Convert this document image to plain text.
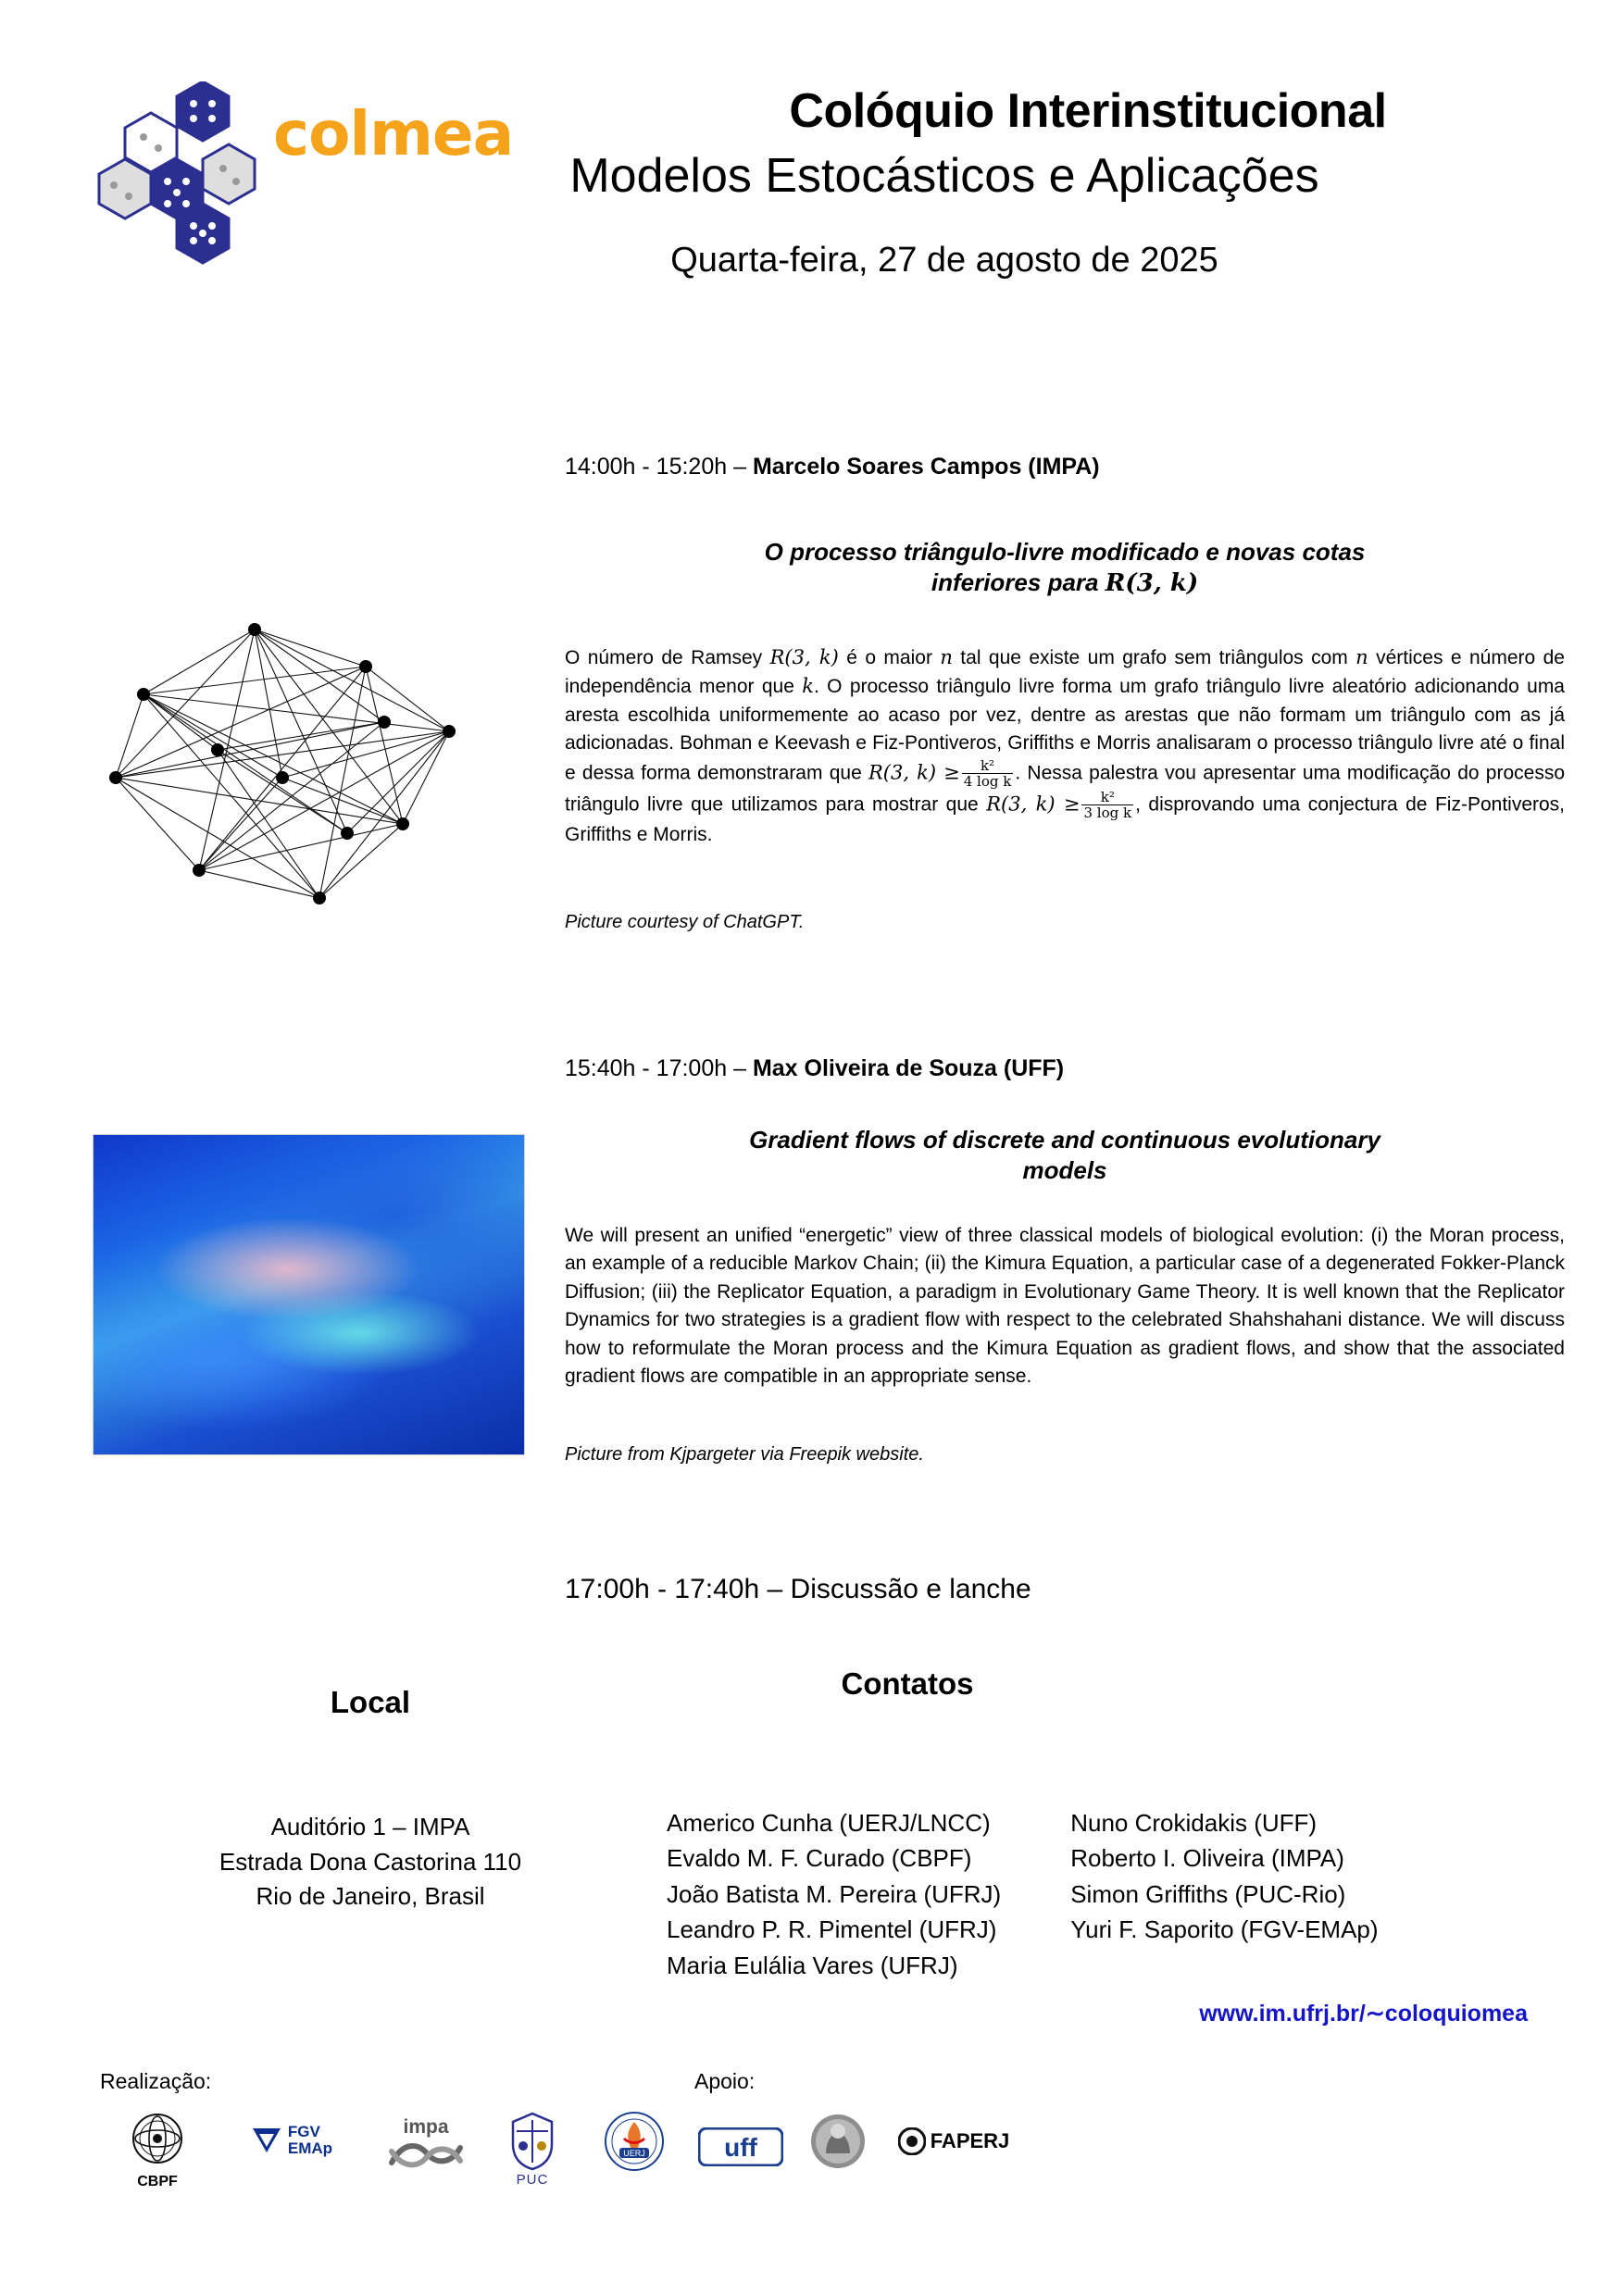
colmea	Colóquio Interinstitucional
Modelos Estocásticos e Aplicações
Quarta-feira, 27 de agosto de 2025
14:00h - 15:20h – Marcelo Soares Campos (IMPA)
O processo triângulo-livre modificado e novas cotas
inferiores para R(3, k)
O número de Ramsey R(3, k) é o maior n tal que existe um grafo sem triângulos com n vértices e número de independência menor que k. O processo triângulo livre forma um grafo triângulo livre aleatório adicionando uma aresta escolhida uniformemente ao acaso por vez, dentre as arestas que não formam um triângulo com as já adicionadas. Bohman e Keevash e Fiz-Pontiveros, Griffiths e Morris analisaram o processo triângulo livre até o final e dessa forma demonstraram que R(3, $k) \ge \frac{\text{k²}}{\text{4 log k}}$ . Nessa palestra vou apresentar uma modificação do processo triângulo livre que utilizamos para mostrar que R(3, $k) \ge \frac{\text{k²}}{\text{3 log k}}$ , disprovando uma conjectura de Fiz-Pontiveros, Griffiths e Morris.
Picture courtesy of ChatGPT.
15:40h - 17:00h – Max Oliveira de Souza (UFF)
Gradient flows of discrete and continuous evolutionary
models
We will present an unified “energetic” view of three classical models of biological evolution: (i) the Moran process, an example of a reducible Markov Chain; (ii) the Kimura Equation, a particular case of a degenerated Fokker-Planck Diffusion; (iii) the Replicator Equation, a paradigm in Evolutionary Game Theory. It is well known that the Replicator Dynamics for two strategies is a gradient flow with respect to the celebrated Shahshahani distance. We will discuss how to reformulate the Moran process and the Kimura Equation as gradient flows, and show that the associated gradient flows are compatible in an appropriate sense.
Picture from Kjpargeter via Freepik website.
17:00h - 17:40h – Discussão e lanche
Local
Auditório 1 – IMPA
Estrada Dona Castorina 110
Rio de Janeiro, Brasil
Contatos
Americo Cunha (UERJ/LNCC)
Evaldo M. F. Curado (CBPF)
João Batista M. Pereira (UFRJ)
Leandro P. R. Pimentel (UFRJ)
Maria Eulália Vares (UFRJ)
Nuno Crokidakis (UFF)
Roberto I. Oliveira (IMPA)
Simon Griffiths (PUC-Rio)
Yuri F. Saporito (FGV-EMAp)
www.im.ufrj.br/∼coloquiomea
Realização:	Apoio:
CBPF
FGV
EMAp
impa
PUC
UERJ	uff	FAPERJ
